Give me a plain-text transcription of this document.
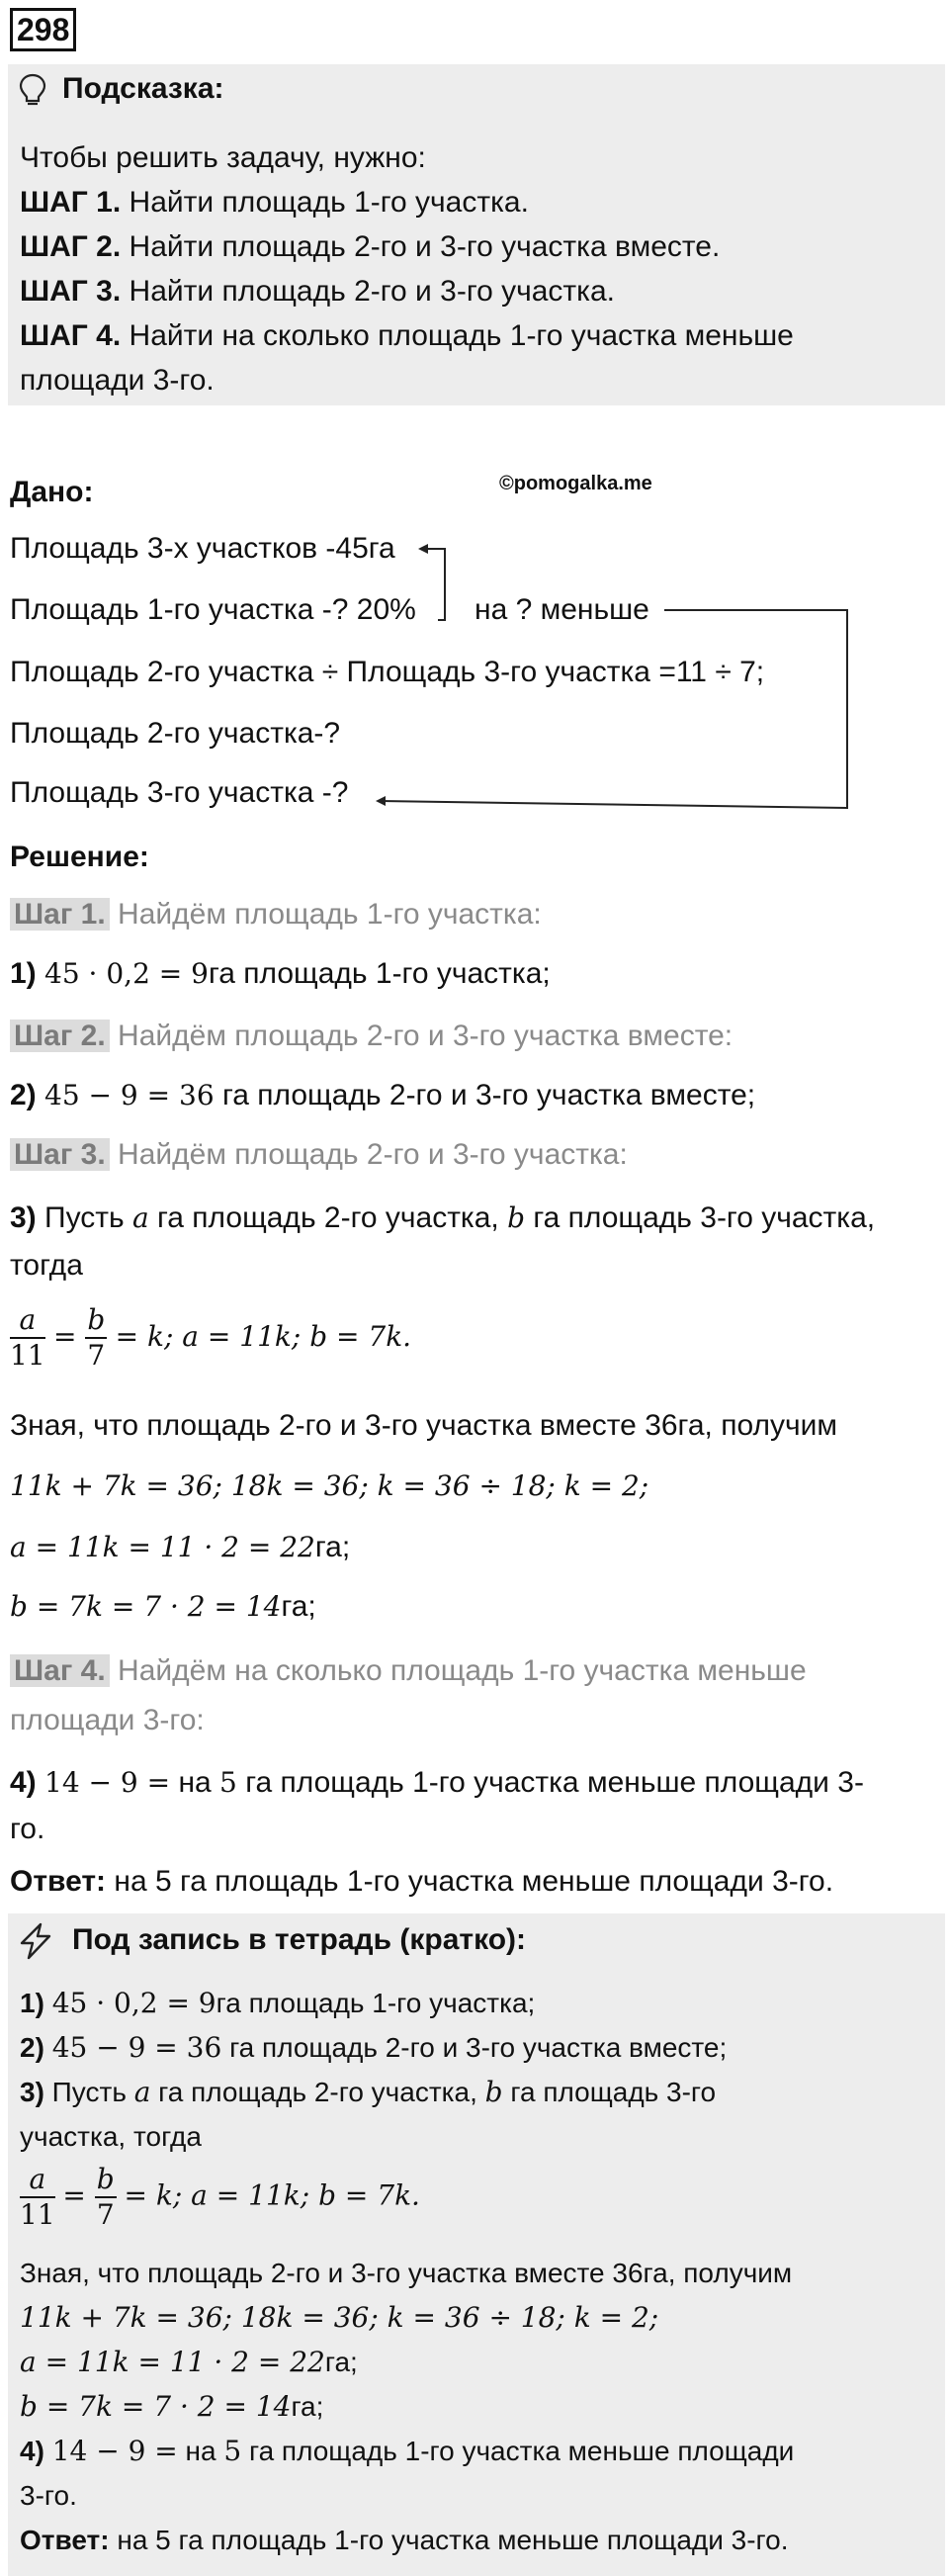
298
Подсказка:
Чтобы решить задачу, нужно:
ШАГ 1. Найти площадь 1-го участка.
ШАГ 2. Найти площадь 2-го и 3-го участка вместе.
ШАГ 3. Найти площадь 2-го и 3-го участка.
ШАГ 4. Найти на сколько площадь 1-го участка меньше
площади 3-го.
Дано:	©pomogalka.me
Площадь 3-х участков -45га
Площадь 1-го участка -? 20% на ? меньше
Площадь 2-го участка ÷ Площадь 3-го участка =11 ÷ 7;
Площадь 2-го участка-?
Площадь 3-го участка -?
Решение:
Шаг 1. Найдём площадь 1-го участка:
1) 45 · 0,2 = 9га площадь 1-го участка;
Шаг 2. Найдём площадь 2-го и 3-го участка вместе:
2) 45 − 9 = 36 га площадь 2-го и 3-го участка вместе;
Шаг 3. Найдём площадь 2-го и 3-го участка:
3) Пусть a га площадь 2-го участка, b га площадь 3-го участка,
тогда
$\frac{a}{11} = \frac{b}{7} = k$; a = 11k; b = 7k.
Зная, что площадь 2-го и 3-го участка вместе 36га, получим
11k + 7k = 36; 18k = 36; k = 36 ÷ 18; k = 2;
a = 11k = 11 · 2 = 22га;
b = 7k = 7 · 2 = 14га;
Шаг 4. Найдём на сколько площадь 1-го участка меньше
площади 3-го:
4) 14 − 9 = на 5 га площадь 1-го участка меньше площади 3-
го.
Ответ: на 5 га площадь 1-го участка меньше площади 3-го.
Под запись в тетрадь (кратко):
1) 45 · 0,2 = 9га площадь 1-го участка;
2) 45 − 9 = 36 га площадь 2-го и 3-го участка вместе;
3) Пусть a га площадь 2-го участка, b га площадь 3-го
участка, тогда
$\frac{a}{11} = \frac{b}{7} = k$; a = 11k; b = 7k.
Зная, что площадь 2-го и 3-го участка вместе 36га, получим
11k + 7k = 36; 18k = 36; k = 36 ÷ 18; k = 2;
a = 11k = 11 · 2 = 22га;
b = 7k = 7 · 2 = 14га;
4) 14 − 9 = на 5 га площадь 1-го участка меньше площади
3-го.
Ответ: на 5 га площадь 1-го участка меньше площади 3-го.
